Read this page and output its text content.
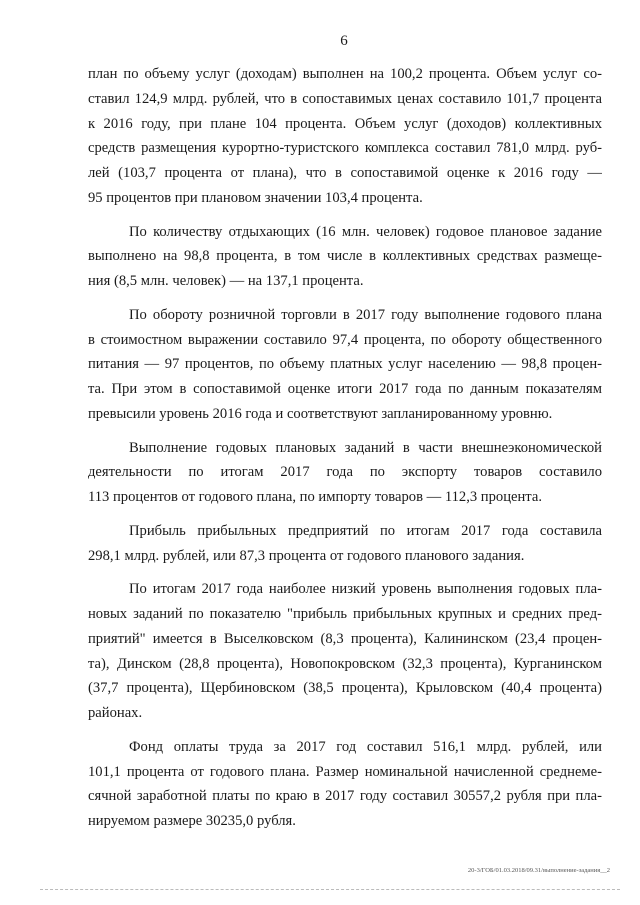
6
план по объему услуг (доходам) выполнен на 100,2 процента. Объем услуг со-
ставил 124,9 млрд. рублей, что в сопоставимых ценах составило 101,7 процента
к 2016 году, при плане 104 процента. Объем услуг (доходов) коллективных
средств размещения курортно-туристского комплекса составил 781,0 млрд. руб-
лей (103,7 процента от плана), что в сопоставимой оценке к 2016 году —
95 процентов при плановом значении 103,4 процента.
По количеству отдыхающих (16 млн. человек) годовое плановое задание
выполнено на 98,8 процента, в том числе в коллективных средствах размеще-
ния (8,5 млн. человек) — на 137,1 процента.
По обороту розничной торговли в 2017 году выполнение годового плана
в стоимостном выражении составило 97,4 процента, по обороту общественного
питания — 97 процентов, по объему платных услуг населению — 98,8 процен-
та. При этом в сопоставимой оценке итоги 2017 года по данным показателям
превысили уровень 2016 года и соответствуют запланированному уровню.
Выполнение годовых плановых заданий в части внешнеэкономической
деятельности по итогам 2017 года по экспорту товаров составило
113 процентов от годового плана, по импорту товаров — 112,3 процента.
Прибыль прибыльных предприятий по итогам 2017 года составила
298,1 млрд. рублей, или 87,3 процента от годового планового задания.
По итогам 2017 года наиболее низкий уровень выполнения годовых пла-
новых заданий по показателю "прибыль прибыльных крупных и средних пред-
приятий" имеется в Выселковском (8,3 процента), Калининском (23,4 процен-
та), Динском (28,8 процента), Новопокровском (32,3 процента), Курганинском
(37,7 процента), Щербиновском (38,5 процента), Крыловском (40,4 процента)
районах.
Фонд оплаты труда за 2017 год составил 516,1 млрд. рублей, или
101,1 процента от годового плана. Размер номинальной начисленной среднеме-
сячной заработной платы по краю в 2017 году составил 30557,2 рубля при пла-
нируемом размере 30235,0 рубля.
20-3/ГОБ/01.03.2018/09.31/выполнение-задания__2
